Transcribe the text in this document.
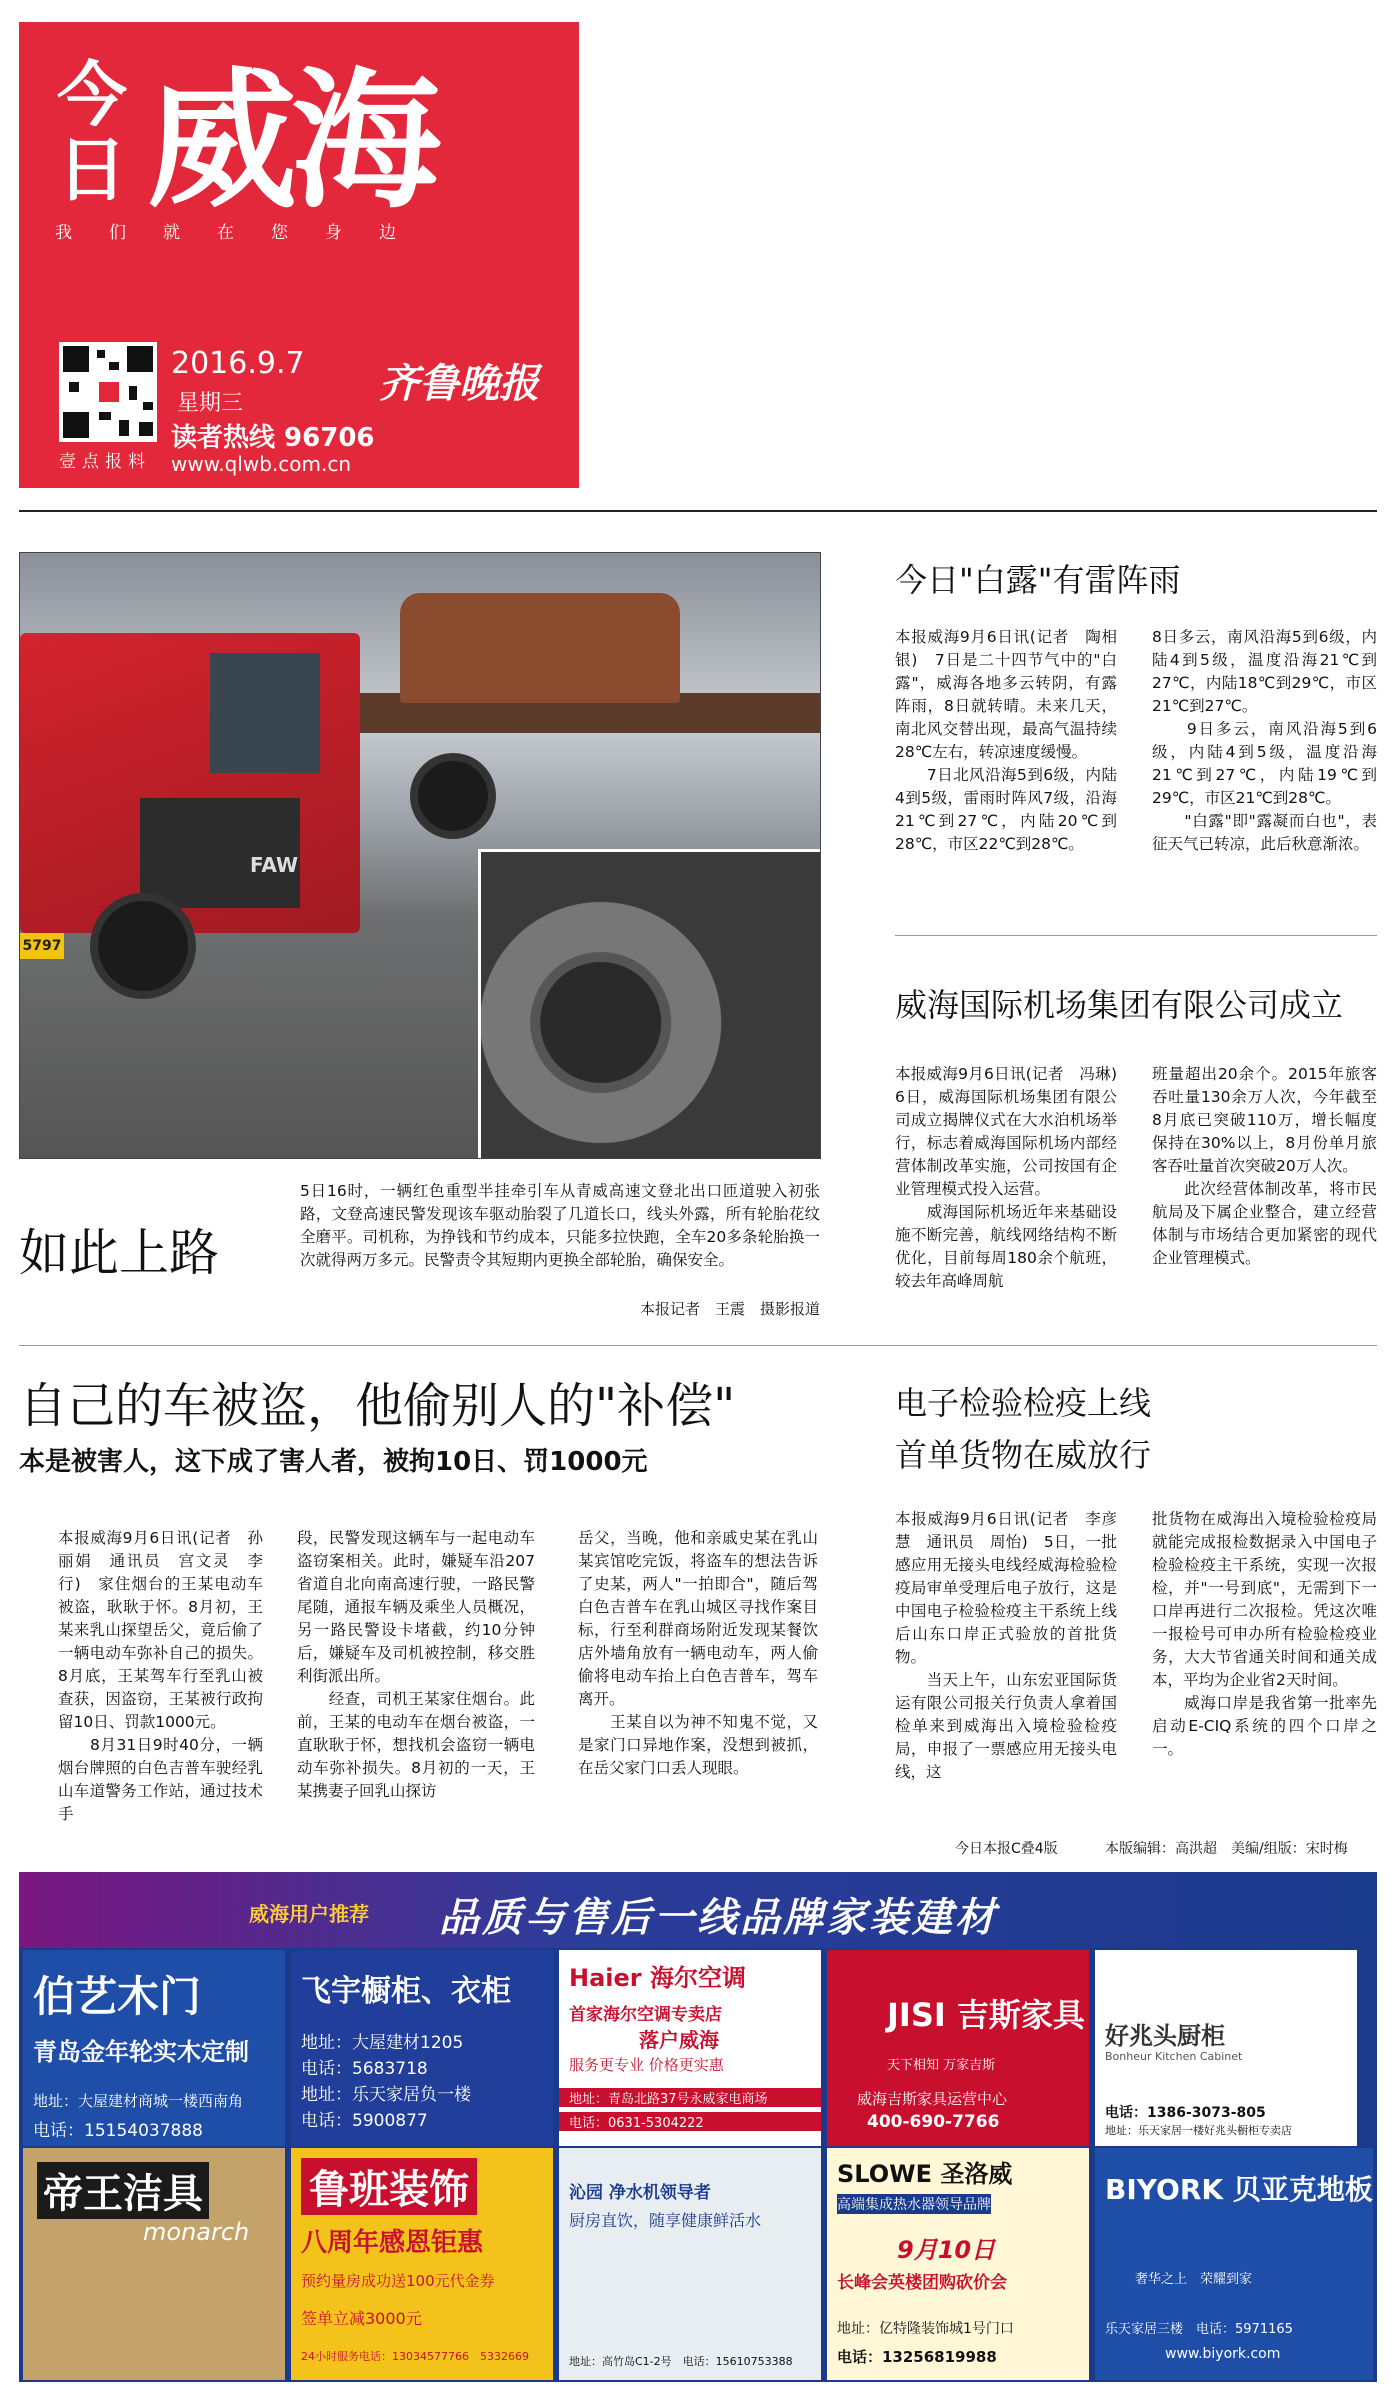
今
日 威海
我们就在您身边
壹点报料
2016.9.7
星期三
读者热线 96706
www.qlwb.com.cn
齐鲁晚报
FAW
5797
如此上路
5日16时，一辆红色重型半挂牵引车从青威高速文登北出口匝道驶入初张路，文登高速民警发现该车驱动胎裂了几道长口，线头外露，所有轮胎花纹全磨平。司机称，为挣钱和节约成本，只能多拉快跑，全车20多条轮胎换一次就得两万多元。民警责令其短期内更换全部轮胎，确保安全。
本报记者　王震　摄影报道
今日"白露"有雷阵雨
本报威海9月6日讯(记者　陶相银)　7日是二十四节气中的"白露"，威海各地多云转阴，有露阵雨，8日就转晴。未来几天，南北风交替出现，最高气温持续28℃左右，转凉速度缓慢。
　　7日北风沿海5到6级，内陆4到5级，雷雨时阵风7级，沿海21℃到27℃，内陆20℃到28℃，市区22℃到28℃。
8日多云，南风沿海5到6级，内陆4到5级，温度沿海21℃到27℃，内陆18℃到29℃，市区21℃到27℃。
　　9日多云，南风沿海5到6级，内陆4到5级，温度沿海21℃到27℃，内陆19℃到29℃，市区21℃到28℃。
　　"白露"即"露凝而白也"，表征天气已转凉，此后秋意渐浓。
威海国际机场集团有限公司成立
本报威海9月6日讯(记者　冯琳)　6日，威海国际机场集团有限公司成立揭牌仪式在大水泊机场举行，标志着威海国际机场内部经营体制改革实施，公司按国有企业管理模式投入运营。
　　威海国际机场近年来基础设施不断完善，航线网络结构不断优化，目前每周180余个航班，较去年高峰周航
班量超出20余个。2015年旅客吞吐量130余万人次，今年截至8月底已突破110万，增长幅度保持在30%以上，8月份单月旅客吞吐量首次突破20万人次。
　　此次经营体制改革，将市民航局及下属企业整合，建立经营体制与市场结合更加紧密的现代企业管理模式。
自己的车被盗，他偷别人的"补偿"
本是被害人，这下成了害人者，被拘10日、罚1000元
本报威海9月6日讯(记者　孙丽娟　通讯员　宫文灵　李行)　家住烟台的王某电动车被盗，耿耿于怀。8月初，王某来乳山探望岳父，竟后偷了一辆电动车弥补自己的损失。8月底，王某驾车行至乳山被查获，因盗窃，王某被行政拘留10日、罚款1000元。
　　8月31日9时40分，一辆烟台牌照的白色吉普车驶经乳山车道警务工作站，通过技术手
段，民警发现这辆车与一起电动车盗窃案相关。此时，嫌疑车沿207省道自北向南高速行驶，一路民警尾随，通报车辆及乘坐人员概况，另一路民警设卡堵截，约10分钟后，嫌疑车及司机被控制，移交胜利街派出所。
　　经查，司机王某家住烟台。此前，王某的电动车在烟台被盗，一直耿耿于怀，想找机会盗窃一辆电动车弥补损失。8月初的一天，王某携妻子回乳山探访
岳父，当晚，他和亲戚史某在乳山某宾馆吃完饭，将盗车的想法告诉了史某，两人"一拍即合"，随后驾白色吉普车在乳山城区寻找作案目标，行至利群商场附近发现某餐饮店外墙角放有一辆电动车，两人偷偷将电动车抬上白色吉普车，驾车离开。
　　王某自以为神不知鬼不觉，又是家门口异地作案，没想到被抓，在岳父家门口丢人现眼。
电子检验检疫上线
首单货物在威放行
本报威海9月6日讯(记者　李彦慧　通讯员　周怡)　5日，一批感应用无接头电线经威海检验检疫局审单受理后电子放行，这是中国电子检验检疫主干系统上线后山东口岸正式验放的首批货物。
　　当天上午，山东宏亚国际货运有限公司报关行负责人拿着国检单来到威海出入境检验检疫局，申报了一票感应用无接头电线，这
批货物在威海出入境检验检疫局就能完成报检数据录入中国电子检验检疫主干系统，实现一次报检，并"一号到底"，无需到下一口岸再进行二次报检。凭这次唯一报检号可申办所有检验检疫业务，大大节省通关时间和通关成本，平均为企业省2天时间。
　　威海口岸是我省第一批率先启动E-CIQ系统的四个口岸之一。
今日本报C叠4版	本版编辑：高洪超　美编/组版：宋时梅
威海用户推荐 品质与售后一线品牌家装建材
伯艺木门
青岛金年轮实木定制
地址：大屋建材商城一楼西南角
电话：15154037888
飞宇橱柜、衣柜
地址：大屋建材1205
电话：5683718
地址：乐天家居负一楼
电话：5900877
Haier 海尔空调
首家海尔空调专卖店
落户威海
服务更专业 价格更实惠
地址：青岛北路37号永威家电商场
电话：0631-5304222
JISI 吉斯家具
天下相知 万家吉斯
威海吉斯家具运营中心
400-690-7766
好兆头厨柜
Bonheur Kitchen Cabinet
电话：1386-3073-805
地址：乐天家居一楼好兆头橱柜专卖店
帝王洁具
monarch
鲁班装饰
八周年感恩钜惠
预约量房成功送100元代金券
签单立减3000元
24小时服务电话：13034577766　5332669
沁园 净水机领导者
厨房直饮，随享健康鲜活水
地址：高竹岛C1-2号　电话：15610753388
SLOWE 圣洛威
高端集成热水器领导品牌
9月10日
长峰会英楼团购砍价会
地址：亿特隆装饰城1号门口
电话：13256819988
BIYORK 贝亚克地板
奢华之上　荣耀到家
乐天家居三楼　电话：5971165
www.biyork.com
